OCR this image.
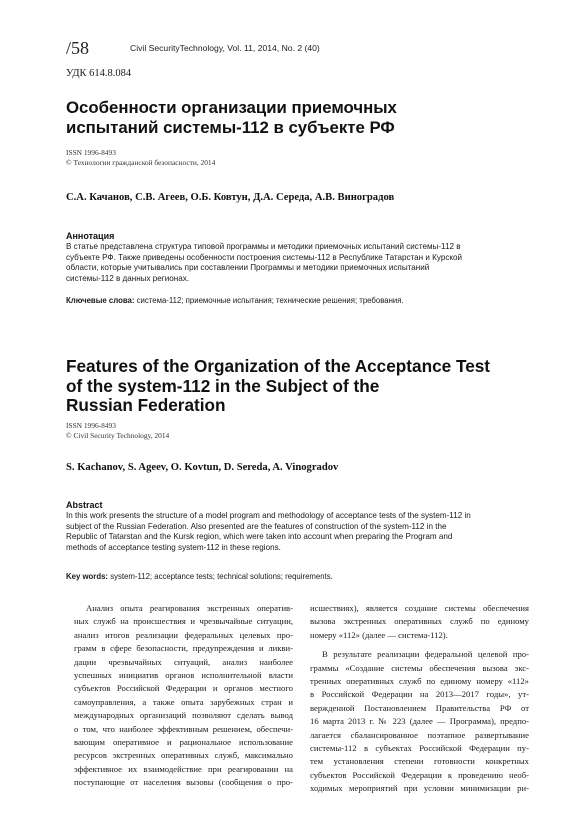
/58	Civil SecurityTechnology, Vol. 11, 2014, No. 2 (40)
УДК 614.8.084
Особенности организации приемочных
испытаний системы-112 в субъекте РФ
ISSN 1996-8493
© Технологии гражданской безопасности, 2014
С.А. Качанов, С.В. Агеев, О.Б. Ковтун, Д.А. Середа, А.В. Виноградов
Аннотация
В статье представлена структура типовой программы и методики приемочных испытаний системы-112 в
субъекте РФ. Также приведены особенности построения системы-112 в Республике Татарстан и Курской
области, которые учитывались при составлении Программы и методики приемочных испытаний
системы-112 в данных регионах.
Ключевые слова: система-112; приемочные испытания; технические решения; требования.
Features of the Organization of the Acceptance Test
of the system-112 in the Subject of the
Russian Federation
ISSN 1996-8493
© Civil Security Technology, 2014
S. Kachanov, S. Ageev, O. Kovtun, D. Sereda, A. Vinogradov
Abstract
In this work presents the structure of a model program and methodology of acceptance tests of the system-112 in
subject of the Russian Federation. Also presented are the features of construction of the system-112 in the
Republic of Tatarstan and the Kursk region, which were taken into account when preparing the Program and
methods of acceptance testing system-112 in these regions.
Key words: system-112; acceptance tests; technical solutions; requirements.
Анализ опыта реагирования экстренных оператив-
ных служб на происшествия и чрезвычайные ситуации,
анализ итогов реализации федеральных целевых про-
грамм в сфере безопасности, предупреждения и ликви-
дации чрезвычайных ситуаций, анализ наиболее
успешных инициатив органов исполнительной власти
субъектов Российской Федерации и органов местного
самоуправления, а также опыта зарубежных стран и
международных организаций позволяют сделать вывод
о том, что наиболее эффективным решением, обеспечи-
вающим оперативное и рациональное использование
ресурсов экстренных оперативных служб, максимально
эффективное их взаимодействие при реагировании на
поступающие от населения вызовы (сообщения о про-
исшествиях), является создание системы обеспечения
вызова экстренных оперативных служб по единому
номеру «112» (далее — система-112).
В результате реализации федеральной целевой про-
граммы «Создание системы обеспечения вызова экс-
тренных оперативных служб по единому номеру «112»
в Российской Федерации на 2013—2017 годы», ут-
вержденной Постановлением Правительства РФ от
16 марта 2013 г. № 223 (далее — Программа), предпо-
лагается сбалансированное поэтапное развертывание
системы-112 в субъектах Российской Федерации пу-
тем установления степени готовности конкретных
субъектов Российской Федерации к проведению необ-
ходимых мероприятий при условии минимизации ри-
